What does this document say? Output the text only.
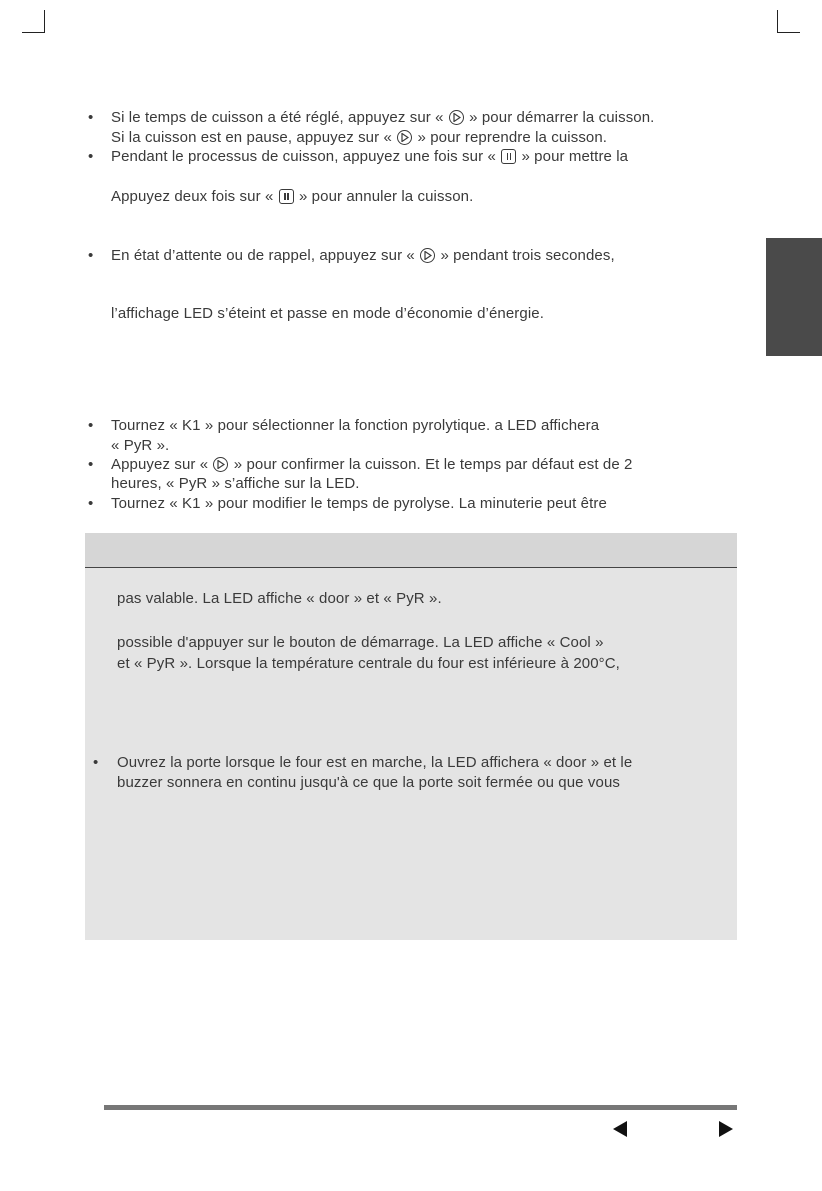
• Si le temps de cuisson a été réglé, appuyez sur « » pour démarrer la cuisson.
Si la cuisson est en pause, appuyez sur « » pour reprendre la cuisson.
• Pendant le processus de cuisson, appuyez une fois sur « » pour mettre la
Appuyez deux fois sur « » pour annuler la cuisson.
• En état d’attente ou de rappel, appuyez sur « » pendant trois secondes,
l’affichage LED s’éteint et passe en mode d’économie d’énergie.
• Tournez « K1 » pour sélectionner la fonction pyrolytique. a LED affichera
« PyR ».
• Appuyez sur « » pour confirmer la cuisson. Et le temps par défaut est de 2
heures, « PyR » s’affiche sur la LED.
• Tournez « K1 » pour modifier le temps de pyrolyse. La minuterie peut être
pas valable. La LED affiche « door » et « PyR ».
possible d'appuyer sur le bouton de démarrage. La LED affiche « Cool »
et « PyR ». Lorsque la température centrale du four est inférieure à 200°C,
• Ouvrez la porte lorsque le four est en marche, la LED affichera « door » et le
buzzer sonnera en continu jusqu'à ce que la porte soit fermée ou que vous
